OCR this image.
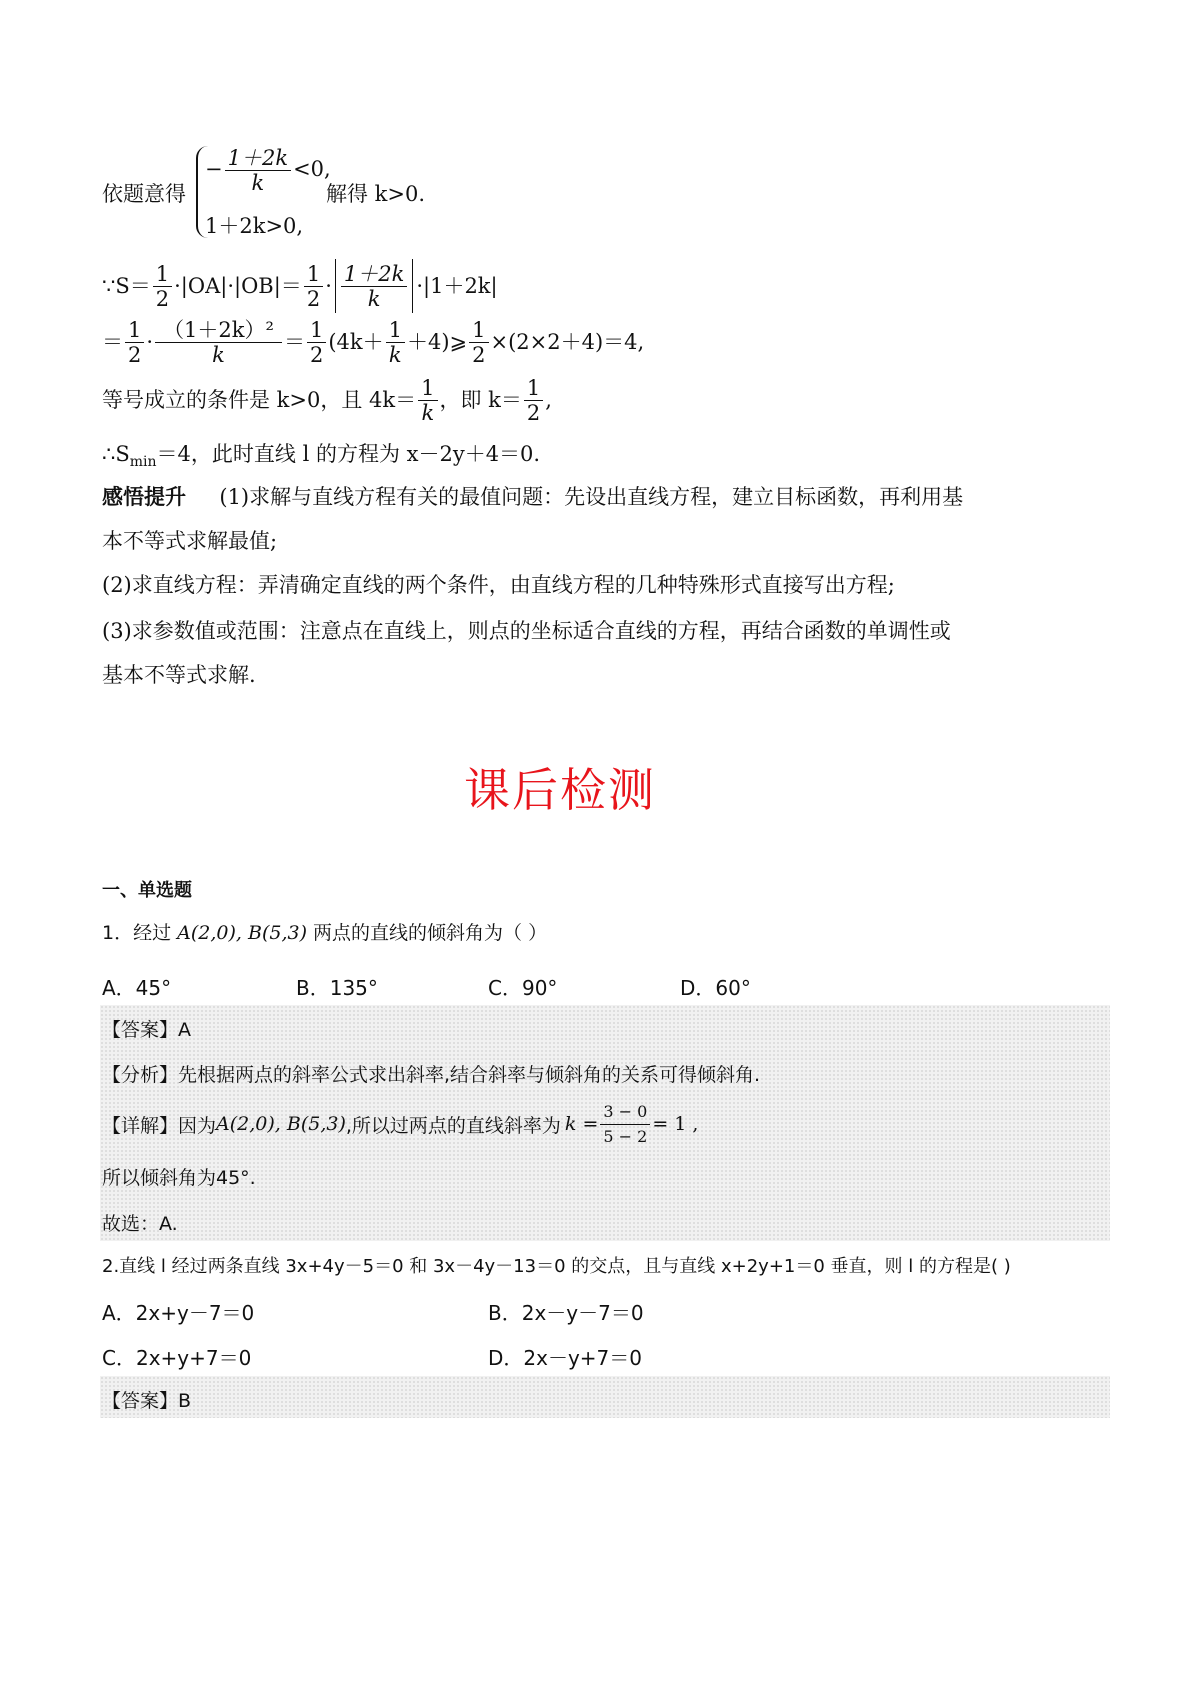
依题意得
− $\frac{1+2k}{k} <0$,
解得 k>0.
1＋2k>0,
∵S＝ $\frac{1}{2} \cdot|OA|\cdot|OB|= \frac{1}{2} \cdot \frac{1+2k}{k} \cdot|1+2k|$
＝ $\frac{1}{2} \cdot \frac{\text{（1＋2k）²}}{k} = \frac{1}{2} (4k+ \frac{1}{k}$ ＋4)⩾ $\frac{1}{2} \times(2\times 2+4)=4$,
等号成立的条件是 k>0，且 $4k= \frac{1}{k}$ ，即 $k= \frac{1}{2}$ ,
$\therefore S_{min}=4$，此时直线 l 的方程为 x－2y＋4＝0.
感悟提升 (1)求解与直线方程有关的最值问题：先设出直线方程，建立目标函数，再利用基
本不等式求解最值;
(2)求直线方程：弄清确定直线的两个条件，由直线方程的几种特殊形式直接写出方程;
(3)求参数值或范围：注意点在直线上，则点的坐标适合直线的方程，再结合函数的单调性或
基本不等式求解.
课后检测
一、单选题
1．经过 A(2,0), B(5,3) 两点的直线的倾斜角为（ ）
A．45°	B．135°	C．90°	D．60°
【答案】A
【分析】先根据两点的斜率公式求出斜率,结合斜率与倾斜角的关系可得倾斜角.
【详解】因为 A(2,0), B(5,3) ,所以过两点的直线斜率为 $k = \frac{3 - 0}{5 - 2} = 1$ ,
所以倾斜角为45°.
故选：A.
2.直线 l 经过两条直线 3x+4y－5＝0 和 3x－4y－13＝0 的交点，且与直线 x+2y+1＝0 垂直，则 l 的方程是( )
A．2x+y－7＝0	B．2x－y－7＝0
C．2x+y+7＝0	D．2x－y+7＝0
【答案】B
